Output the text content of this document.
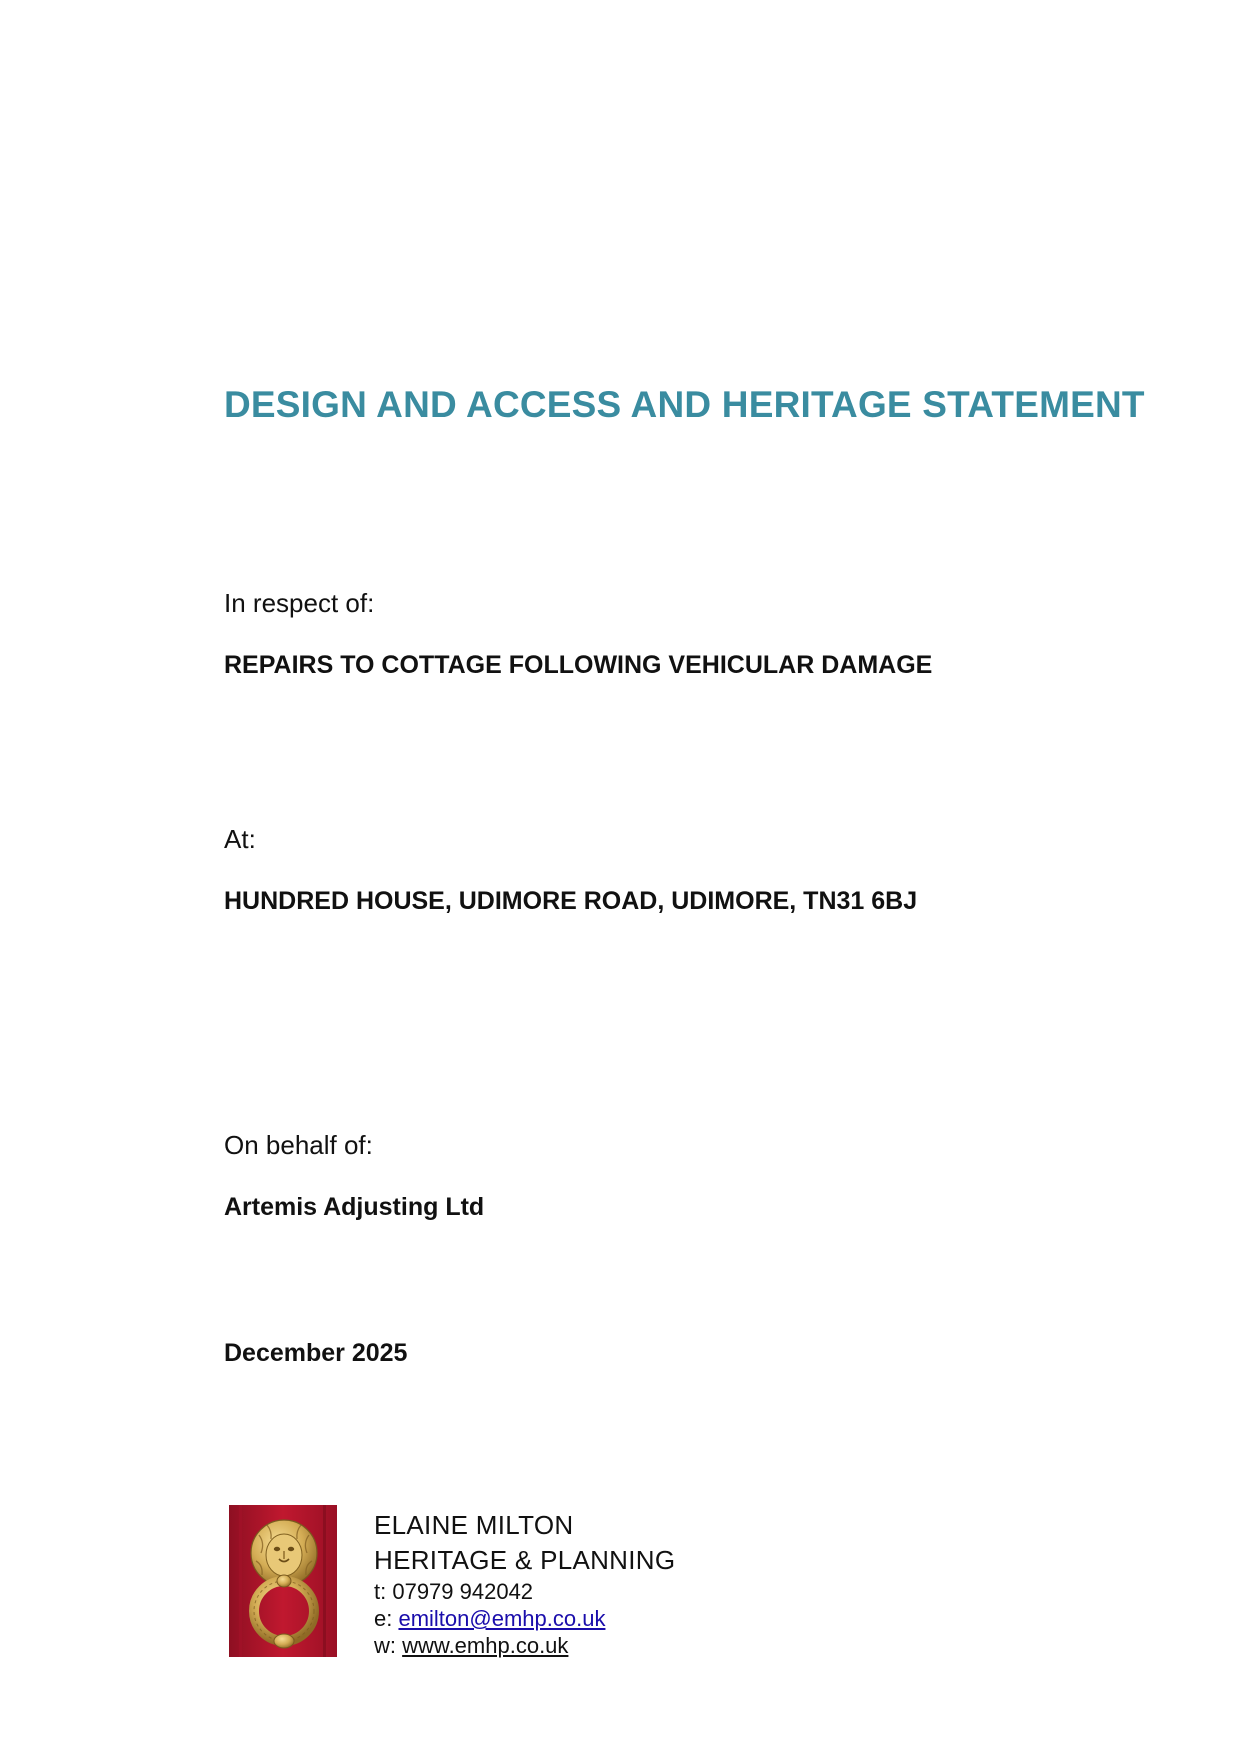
DESIGN AND ACCESS AND HERITAGE STATEMENT

In respect of:

REPAIRS TO COTTAGE FOLLOWING VEHICULAR DAMAGE

At:

HUNDRED HOUSE, UDIMORE ROAD, UDIMORE, TN31 6BJ

On behalf of:

Artemis Adjusting Ltd

December 2025

ELAINE MILTON
HERITAGE & PLANNING
t: 07979 942042
e: emilton@emhp.co.uk
w: www.emhp.co.uk
